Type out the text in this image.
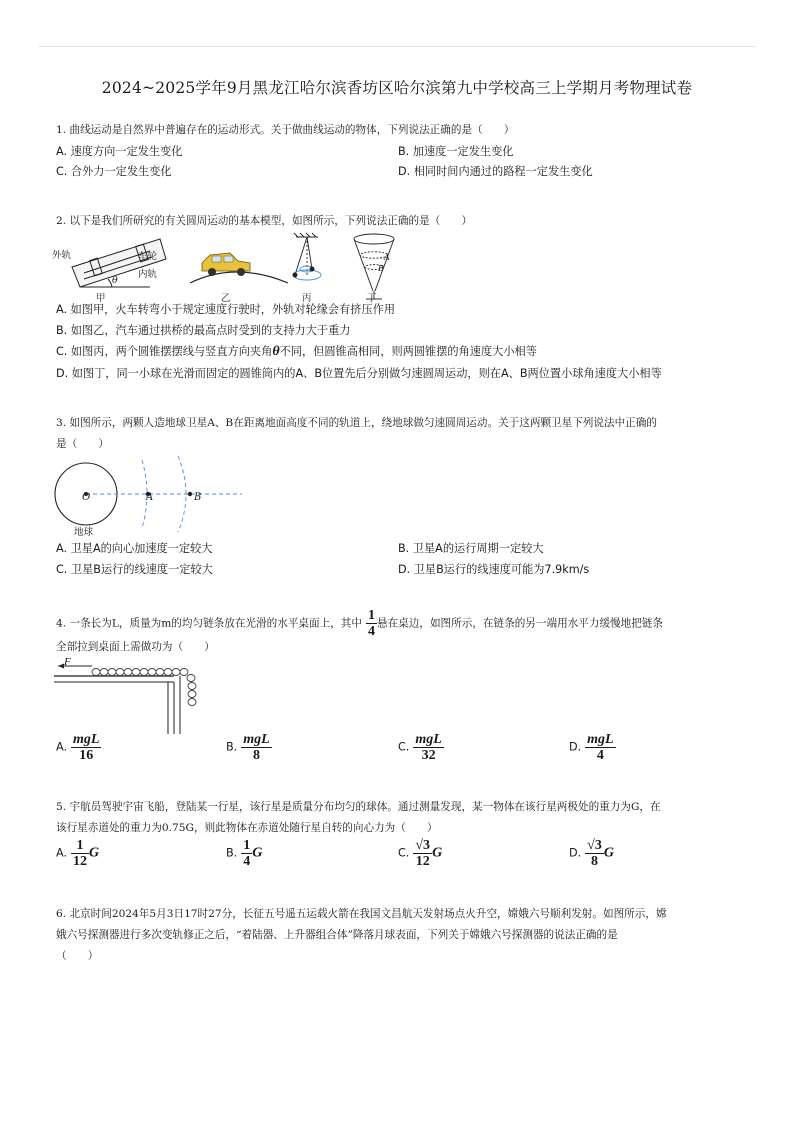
2024~2025学年9月黑龙江哈尔滨香坊区哈尔滨第九中学校高三上学期月考物理试卷
1. 曲线运动是自然界中普遍存在的运动形式。关于做曲线运动的物体，下列说法正确的是（　　）
A. 速度方向一定发生变化	B. 加速度一定发生变化
C. 合外力一定发生变化	D. 相同时间内通过的路程一定发生变化
2. 以下是我们所研究的有关圆周运动的基本模型，如图所示，下列说法正确的是（　　）
外轨	车轮
内轨
θ
甲	乙	丙	丁
A
B
A. 如图甲，火车转弯小于规定速度行驶时，外轨对轮缘会有挤压作用
B. 如图乙，汽车通过拱桥的最高点时受到的支持力大于重力
C. 如图丙，两个圆锥摆摆线与竖直方向夹角θ不同，但圆锥高相同，则两圆锥摆的角速度大小相等
D. 如图丁，同一小球在光滑而固定的圆锥筒内的A、B位置先后分别做匀速圆周运动，则在A、B两位置小球角速度大小相等
3. 如图所示，两颗人造地球卫星A、B在距离地面高度不同的轨道上，绕地球做匀速圆周运动。关于这两颗卫星下列说法中正确的
是（　　）
O	A	B
地球
A. 卫星A的向心加速度一定较大	B. 卫星A的运行周期一定较大
C. 卫星B运行的线速度一定较大	D. 卫星B运行的线速度可能为7.9km/s
4. 一条长为L，质量为m的均匀链条放在光滑的水平桌面上，其中 $\frac{1}{4}$ 悬在桌边，如图所示，在链条的另一端用水平力缓慢地把链条
全部拉到桌面上需做功为（　　）
F
A. $\frac{\text{mgL}}{16}$	B. $\frac{\text{mgL}}{8}$	C. $\frac{\text{mgL}}{32}$	D. $\frac{\text{mgL}}{4}$
5. 宇航员驾驶宇宙飞船，登陆某一行星，该行星是质量分布均匀的球体。通过测量发现，某一物体在该行星两极处的重力为G，在
该行星赤道处的重力为0.75G，则此物体在赤道处随行星自转的向心力为（　　）
A. $\frac{1}{12}$ G	B. $\frac{1}{4}$ G	C. $\frac{√3}{12}$ G	D. $\frac{√3}{8}$ G
6. 北京时间2024年5月3日17时27分，长征五号遥五运载火箭在我国文昌航天发射场点火升空，嫦娥六号顺利发射。如图所示，嫦
娥六号探测器进行多次变轨修正之后，“着陆器、上升器组合体”降落月球表面，下列关于嫦娥六号探测器的说法正确的是
（　　）
